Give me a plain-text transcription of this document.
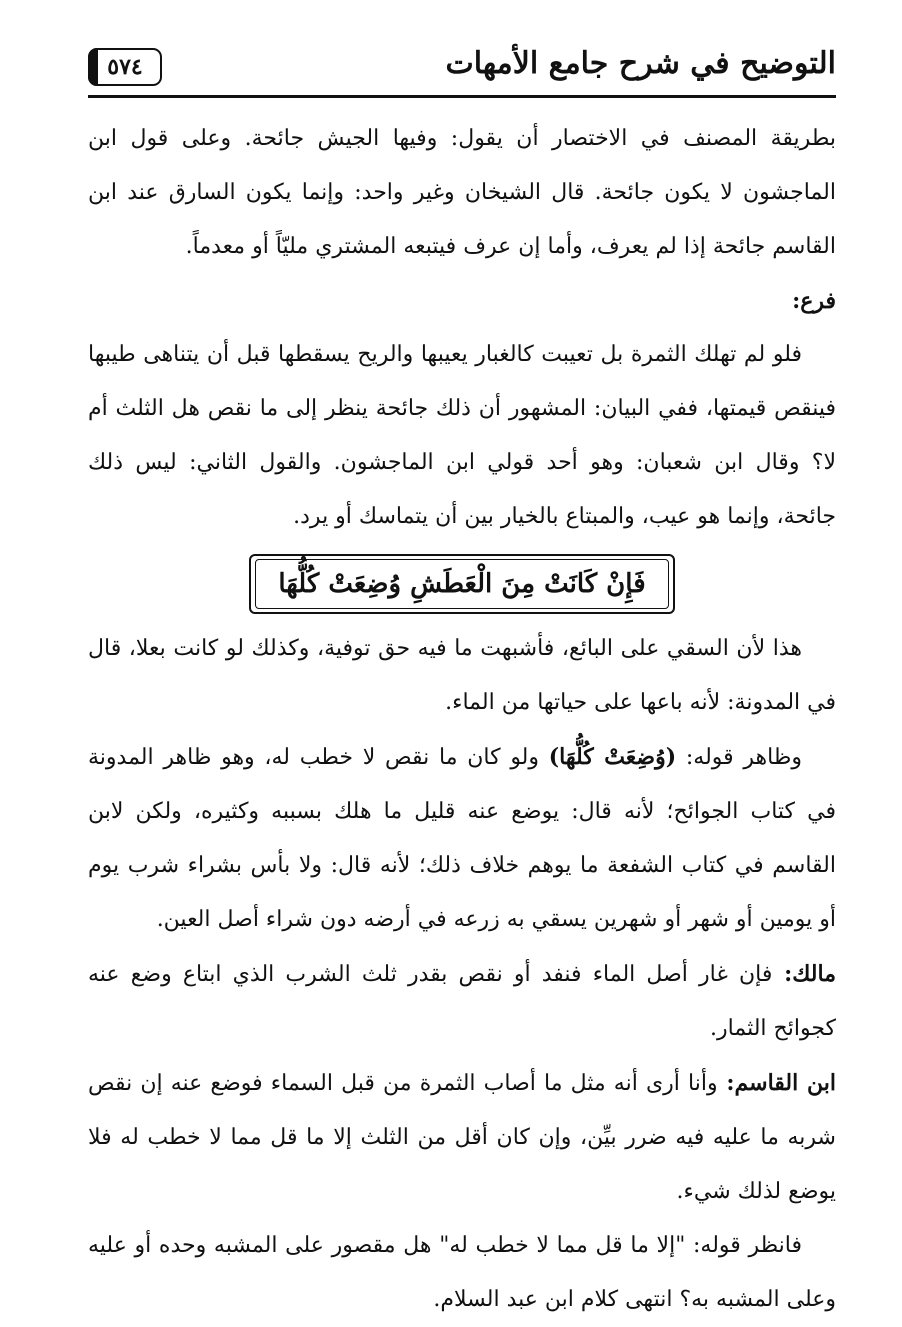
التوضيح في شرح جامع الأمهات
٥٧٤

بطريقة المصنف في الاختصار أن يقول: وفيها الجيش جائحة. وعلى قول ابن الماجشون لا يكون جائحة. قال الشيخان وغير واحد: وإنما يكون السارق عند ابن القاسم جائحة إذا لم يعرف، وأما إن عرف فيتبعه المشتري مليّاً أو معدماً.

فرع:

فلو لم تهلك الثمرة بل تعيبت كالغبار يعيبها والريح يسقطها قبل أن يتناهى طيبها فينقص قيمتها، ففي البيان: المشهور أن ذلك جائحة ينظر إلى ما نقص هل الثلث أم لا؟ وقال ابن شعبان: وهو أحد قولي ابن الماجشون. والقول الثاني: ليس ذلك جائحة، وإنما هو عيب، والمبتاع بالخيار بين أن يتماسك أو يرد.

فَإِنْ كَانَتْ مِنَ الْعَطَشِ وُضِعَتْ كُلُّهَا

هذا لأن السقي على البائع، فأشبهت ما فيه حق توفية، وكذلك لو كانت بعلا، قال في المدونة: لأنه باعها على حياتها من الماء.

وظاهر قوله: (وُضِعَتْ كُلُّهَا) ولو كان ما نقص لا خطب له، وهو ظاهر المدونة في كتاب الجوائح؛ لأنه قال: يوضع عنه قليل ما هلك بسببه وكثيره، ولكن لابن القاسم في كتاب الشفعة ما يوهم خلاف ذلك؛ لأنه قال: ولا بأس بشراء شرب يوم أو يومين أو شهر أو شهرين يسقي به زرعه في أرضه دون شراء أصل العين.

مالك: فإن غار أصل الماء فنفد أو نقص بقدر ثلث الشرب الذي ابتاع وضع عنه كجوائح الثمار.

ابن القاسم: وأنا أرى أنه مثل ما أصاب الثمرة من قبل السماء فوضع عنه إن نقص شربه ما عليه فيه ضرر بيِّن، وإن كان أقل من الثلث إلا ما قل مما لا خطب له فلا يوضع لذلك شيء.

فانظر قوله: "إلا ما قل مما لا خطب له" هل مقصور على المشبه وحده أو عليه وعلى المشبه به؟ انتهى كلام ابن عبد السلام.
